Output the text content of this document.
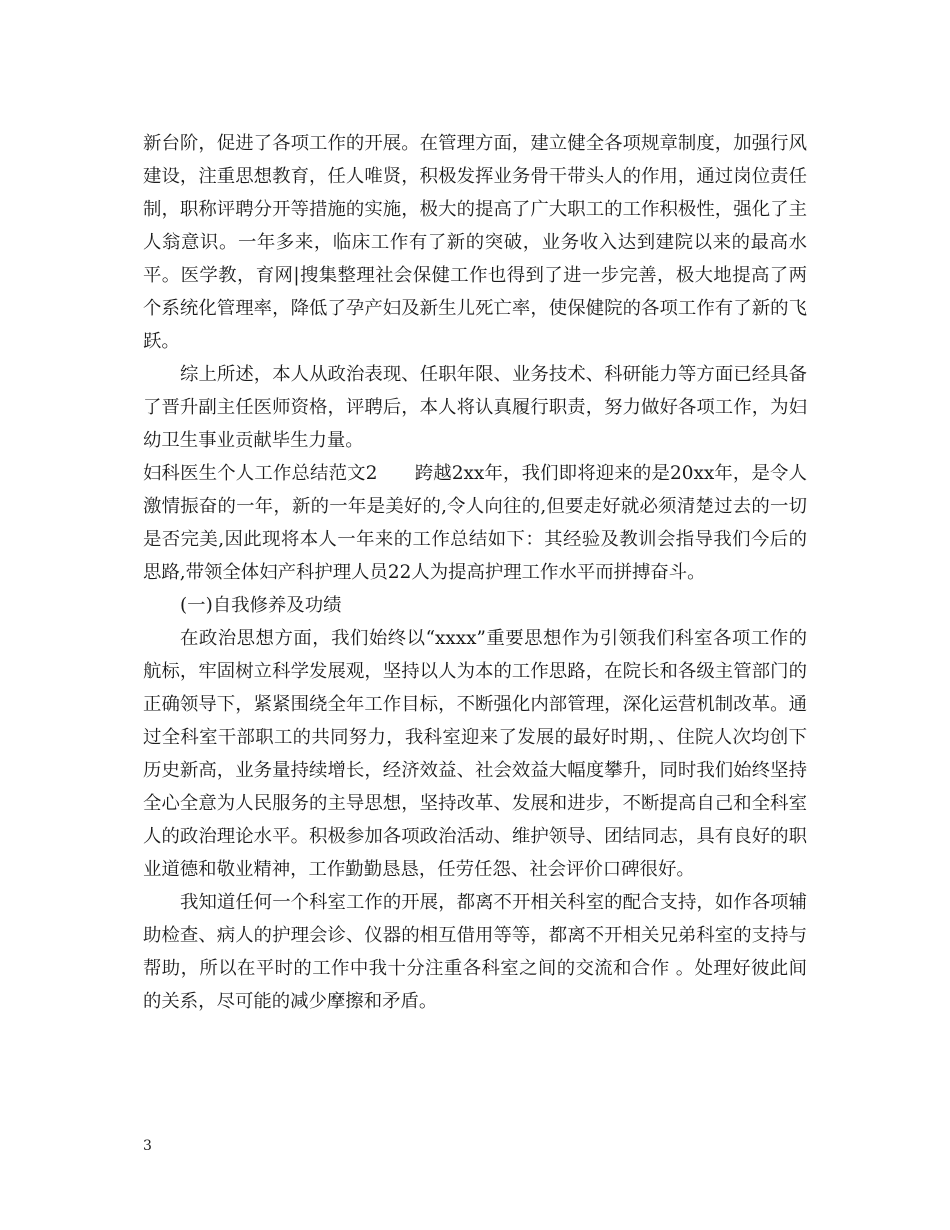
新台阶，促进了各项工作的开展。在管理方面，建立健全各项规章制度，加强行风建设，注重思想教育，任人唯贤，积极发挥业务骨干带头人的作用，通过岗位责任制，职称评聘分开等措施的实施，极大的提高了广大职工的工作积极性，强化了主人翁意识。一年多来，临床工作有了新的突破，业务收入达到建院以来的最高水平。医学教，育网|搜集整理社会保健工作也得到了进一步完善，极大地提高了两个系统化管理率，降低了孕产妇及新生儿死亡率，使保健院的各项工作有了新的飞跃。

综上所述，本人从政治表现、任职年限、业务技术、科研能力等方面已经具备了晋升副主任医师资格，评聘后，本人将认真履行职责，努力做好各项工作，为妇幼卫生事业贡献毕生力量。

妇科医生个人工作总结范文2　　跨越2xx年，我们即将迎来的是20xx年，是令人激情振奋的一年，新的一年是美好的,令人向往的,但要走好就必须清楚过去的一切是否完美,因此现将本人一年来的工作总结如下：其经验及教训会指导我们今后的思路,带领全体妇产科护理人员22人为提高护理工作水平而拼搏奋斗。

(一)自我修养及功绩

在政治思想方面，我们始终以“xxxx”重要思想作为引领我们科室各项工作的航标，牢固树立科学发展观，坚持以人为本的工作思路，在院长和各级主管部门的正确领导下，紧紧围绕全年工作目标，不断强化内部管理，深化运营机制改革。通过全科室干部职工的共同努力，我科室迎来了发展的最好时期，、住院人次均创下历史新高，业务量持续增长，经济效益、社会效益大幅度攀升，同时我们始终坚持全心全意为人民服务的主导思想，坚持改革、发展和进步，不断提高自己和全科室人的政治理论水平。积极参加各项政治活动、维护领导、团结同志，具有良好的职业道德和敬业精神，工作勤勤恳恳，任劳任怨、社会评价口碑很好。

我知道任何一个科室工作的开展，都离不开相关科室的配合支持，如作各项辅助检查、病人的护理会诊、仪器的相互借用等等，都离不开相关兄弟科室的支持与帮助，所以在平时的工作中我十分注重各科室之间的交流和合作 。处理好彼此间的关系，尽可能的减少摩擦和矛盾。

3
